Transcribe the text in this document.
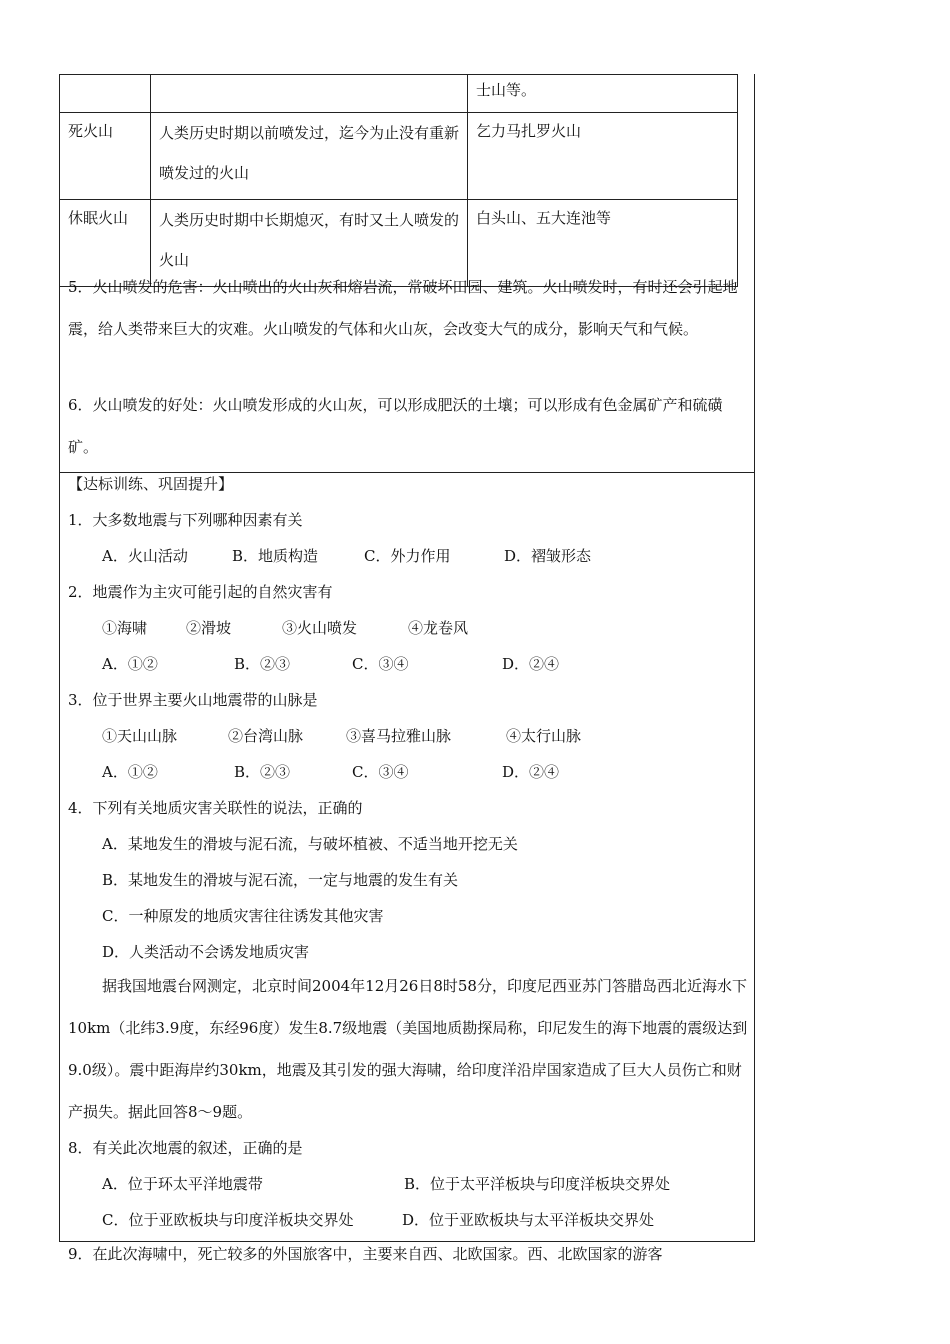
		士山等。
死火山	人类历史时期以前喷发过，迄今为止没有重新喷发过的火山	乞力马扎罗火山
休眠火山	人类历史时期中长期熄灭，有时又土人喷发的火山	白头山、五大连池等
5．火山喷发的危害：火山喷出的火山灰和熔岩流，常破坏田园、建筑。火山喷发时，有时还会引起地震，给人类带来巨大的灾难。火山喷发的气体和火山灰，会改变大气的成分，影响天气和气候。
6．火山喷发的好处：火山喷发形成的火山灰，可以形成肥沃的土壤；可以形成有色金属矿产和硫磺矿。
【达标训练、巩固提升】
1．大多数地震与下列哪种因素有关
A．火山活动	B．地质构造	C．外力作用	D．褶皱形态
2．地震作为主灾可能引起的自然灾害有
①海啸	②滑坡	③火山喷发	④龙卷风
A．①②	B．②③	C．③④	D．②④
3．位于世界主要火山地震带的山脉是
①天山山脉	②台湾山脉	③喜马拉雅山脉	④太行山脉
A．①②	B．②③	C．③④	D．②④
4．下列有关地质灾害关联性的说法，正确的
A．某地发生的滑坡与泥石流，与破坏植被、不适当地开挖无关
B．某地发生的滑坡与泥石流，一定与地震的发生有关
C．一种原发的地质灾害往往诱发其他灾害
D．人类活动不会诱发地质灾害
据我国地震台网测定，北京时间2004年12月26日8时58分，印度尼西亚苏门答腊岛西北近海水下10km（北纬3.9度，东经96度）发生8.7级地震（美国地质勘探局称，印尼发生的海下地震的震级达到9.0级）。震中距海岸约30km，地震及其引发的强大海啸，给印度洋沿岸国家造成了巨大人员伤亡和财产损失。据此回答8～9题。
8．有关此次地震的叙述，正确的是
A．位于环太平洋地震带	B．位于太平洋板块与印度洋板块交界处
C．位于亚欧板块与印度洋板块交界处	D．位于亚欧板块与太平洋板块交界处
9．在此次海啸中，死亡较多的外国旅客中，主要来自西、北欧国家。西、北欧国家的游客
